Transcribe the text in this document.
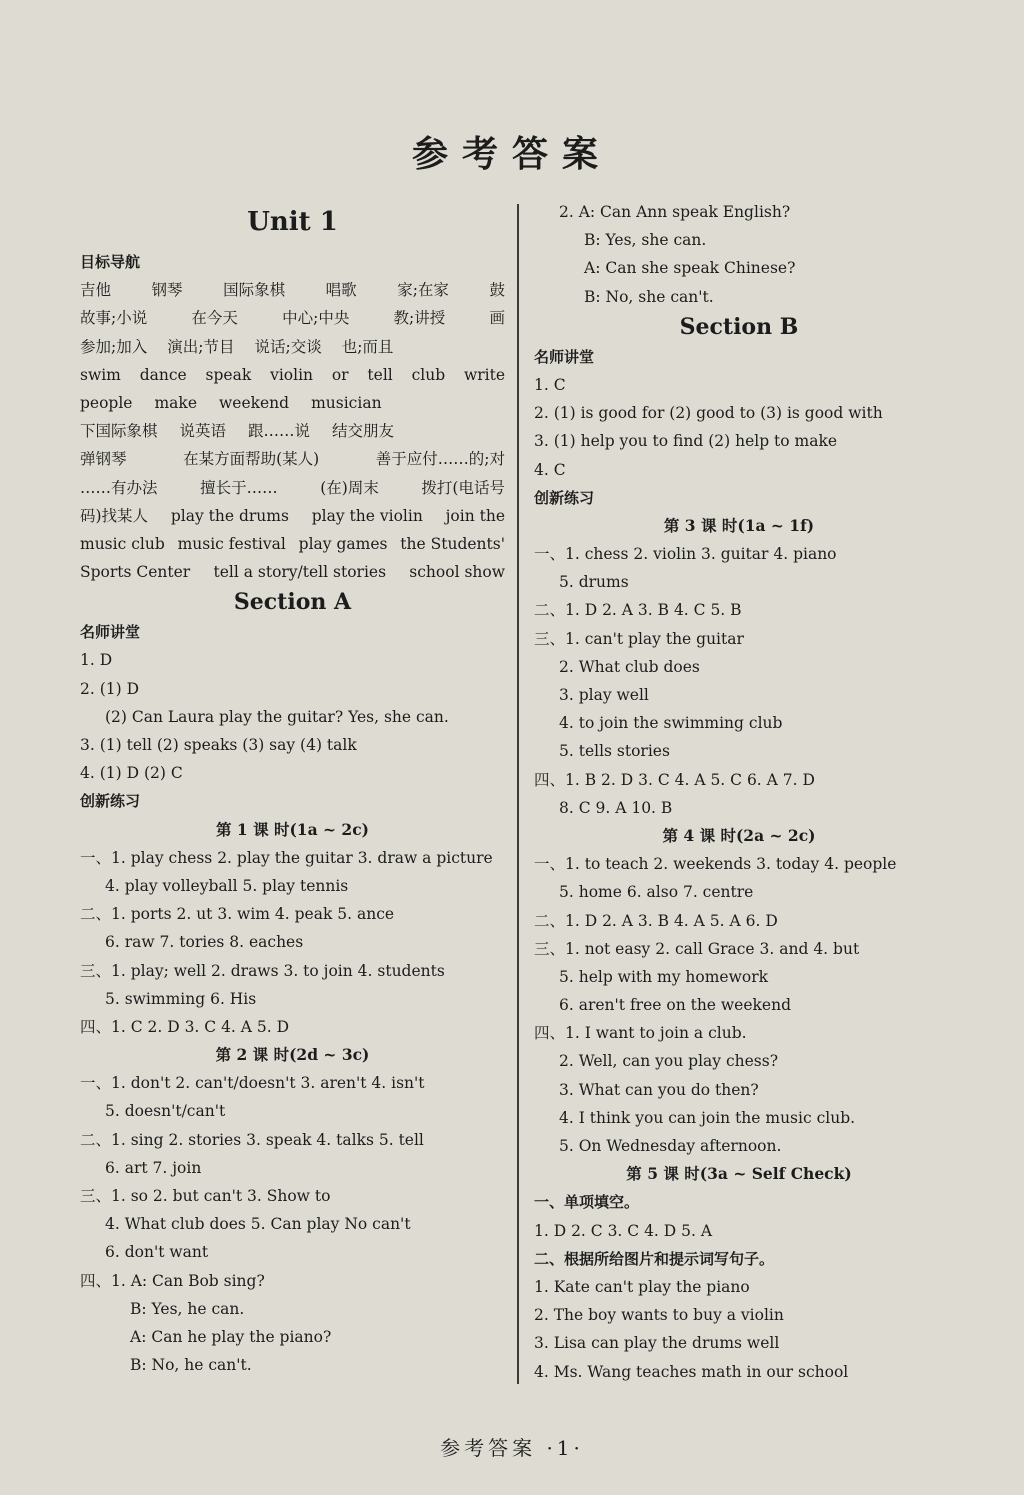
参考答案
Unit 1
目标导航
吉他	钢琴	国际象棋	唱歌	家;在家	鼓
故事;小说	在今天	中心;中央	教;讲授	画
参加;加入 演出;节目 说话;交谈 也;而且
swim dance speak violin or tell club write
people make weekend musician
下国际象棋 说英语 跟……说 结交朋友
弹钢琴	在某方面帮助(某人)	善于应付……的;对
……有办法	擅长于……	(在)周末	拨打(电话号
码)找某人 play the drums play the violin join the
music club music festival play games the Students'
Sports Center tell a story/tell stories school show
Section A
名师讲堂
1. D
2. (1) D
(2) Can Laura play the guitar? Yes, she can.
3. (1) tell (2) speaks (3) say (4) talk
4. (1) D (2) C
创新练习
第 1 课 时(1a ~ 2c)
一、1. play chess 2. play the guitar 3. draw a picture
4. play volleyball 5. play tennis
二、1. ports 2. ut 3. wim 4. peak 5. ance
6. raw 7. tories 8. eaches
三、1. play; well 2. draws 3. to join 4. students
5. swimming 6. His
四、1. C 2. D 3. C 4. A 5. D
第 2 课 时(2d ~ 3c)
一、1. don't 2. can't/doesn't 3. aren't 4. isn't
5. doesn't/can't
二、1. sing 2. stories 3. speak 4. talks 5. tell
6. art 7. join
三、1. so 2. but can't 3. Show to
4. What club does 5. Can play No can't
6. don't want
四、1. A: Can Bob sing?
B: Yes, he can.
A: Can he play the piano?
B: No, he can't.
2. A: Can Ann speak English?
B: Yes, she can.
A: Can she speak Chinese?
B: No, she can't.
Section B
名师讲堂
1. C
2. (1) is good for (2) good to (3) is good with
3. (1) help you to find (2) help to make
4. C
创新练习
第 3 课 时(1a ~ 1f)
一、1. chess 2. violin 3. guitar 4. piano
5. drums
二、1. D 2. A 3. B 4. C 5. B
三、1. can't play the guitar
2. What club does
3. play well
4. to join the swimming club
5. tells stories
四、1. B 2. D 3. C 4. A 5. C 6. A 7. D
8. C 9. A 10. B
第 4 课 时(2a ~ 2c)
一、1. to teach 2. weekends 3. today 4. people
5. home 6. also 7. centre
二、1. D 2. A 3. B 4. A 5. A 6. D
三、1. not easy 2. call Grace 3. and 4. but
5. help with my homework
6. aren't free on the weekend
四、1. I want to join a club.
2. Well, can you play chess?
3. What can you do then?
4. I think you can join the music club.
5. On Wednesday afternoon.
第 5 课 时(3a ~ Self Check)
一、单项填空。
1. D 2. C 3. C 4. D 5. A
二、根据所给图片和提示词写句子。
1. Kate can't play the piano
2. The boy wants to buy a violin
3. Lisa can play the drums well
4. Ms. Wang teaches math in our school
参考答案 ·1·
